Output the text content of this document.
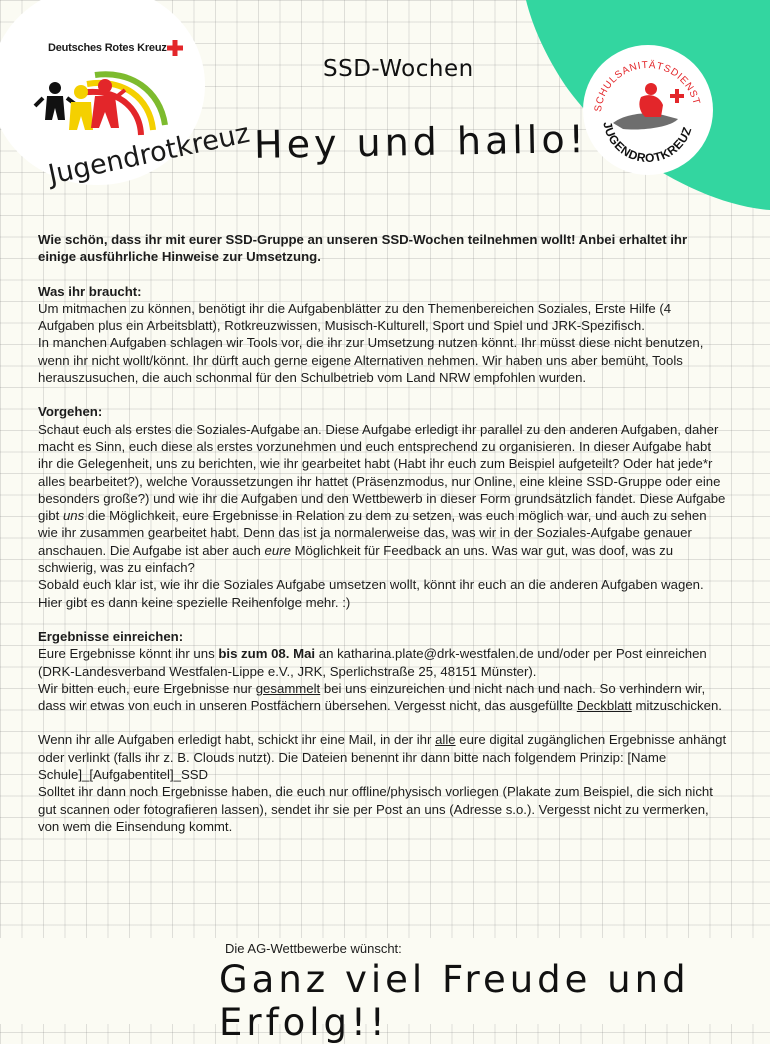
Deutsches Rotes Kreuz
Jugendrotkreuz
SCHULSANITÄTSDIENST
JUGENDROTKREUZ
SSD-Wochen
Hey und hallo!

Wie schön, dass ihr mit eurer SSD-Gruppe an unseren SSD-Wochen teilnehmen wollt! Anbei erhaltet ihr einige ausführliche Hinweise zur Umsetzung.

Was ihr braucht:

Um mitmachen zu können, benötigt ihr die Aufgabenblätter zu den Themenbereichen Soziales, Erste Hilfe (4 Aufgaben plus ein Arbeitsblatt), Rotkreuzwissen, Musisch-Kulturell, Sport und Spiel und JRK-Spezifisch.

In manchen Aufgaben schlagen wir Tools vor, die ihr zur Umsetzung nutzen könnt. Ihr müsst diese nicht benutzen, wenn ihr nicht wollt/könnt. Ihr dürft auch gerne eigene Alternativen nehmen. Wir haben uns aber bemüht, Tools herauszusuchen, die auch schonmal für den Schulbetrieb vom Land NRW empfohlen wurden.

Vorgehen:

Schaut euch als erstes die Soziales-Aufgabe an. Diese Aufgabe erledigt ihr parallel zu den anderen Aufgaben, daher macht es Sinn, euch diese als erstes vorzunehmen und euch entsprechend zu organisieren. In dieser Aufgabe habt ihr die Gelegenheit, uns zu berichten, wie ihr gearbeitet habt (Habt ihr euch zum Beispiel aufgeteilt? Oder hat jede*r alles bearbeitet?), welche Voraussetzungen ihr hattet (Präsenzmodus, nur Online, eine kleine SSD-Gruppe oder eine besonders große?) und wie ihr die Aufgaben und den Wettbewerb in dieser Form grundsätzlich fandet. Diese Aufgabe gibt uns die Möglichkeit, eure Ergebnisse in Relation zu dem zu setzen, was euch möglich war, und auch zu sehen wie ihr zusammen gearbeitet habt. Denn das ist ja normalerweise das, was wir in der Soziales-Aufgabe genauer anschauen. Die Aufgabe ist aber auch eure Möglichkeit für Feedback an uns. Was war gut, was doof, was zu schwierig, was zu einfach?

Sobald euch klar ist, wie ihr die Soziales Aufgabe umsetzen wollt, könnt ihr euch an die anderen Aufgaben wagen. Hier gibt es dann keine spezielle Reihenfolge mehr. :)

Ergebnisse einreichen:

Eure Ergebnisse könnt ihr uns bis zum 08. Mai an katharina.plate@drk-westfalen.de und/oder per Post einreichen (DRK-Landesverband Westfalen-Lippe e.V., JRK, Sperlichstraße 25, 48151 Münster).

Wir bitten euch, eure Ergebnisse nur gesammelt bei uns einzureichen und nicht nach und nach. So verhindern wir, dass wir etwas von euch in unseren Postfächern übersehen. Vergesst nicht, das ausgefüllte Deckblatt mitzuschicken.

Wenn ihr alle Aufgaben erledigt habt, schickt ihr eine Mail, in der ihr alle eure digital zugänglichen Ergebnisse anhängt oder verlinkt (falls ihr z. B. Clouds nutzt). Die Dateien benennt ihr dann bitte nach folgendem Prinzip: [Name Schule]_[Aufgabentitel]_SSD

Solltet ihr dann noch Ergebnisse haben, die euch nur offline/physisch vorliegen (Plakate zum Beispiel, die sich nicht gut scannen oder fotografieren lassen), sendet ihr sie per Post an uns (Adresse s.o.). Vergesst nicht zu vermerken, von wem die Einsendung kommt.

Die AG-Wettbewerbe wünscht:
Ganz viel Freude und Erfolg!!
